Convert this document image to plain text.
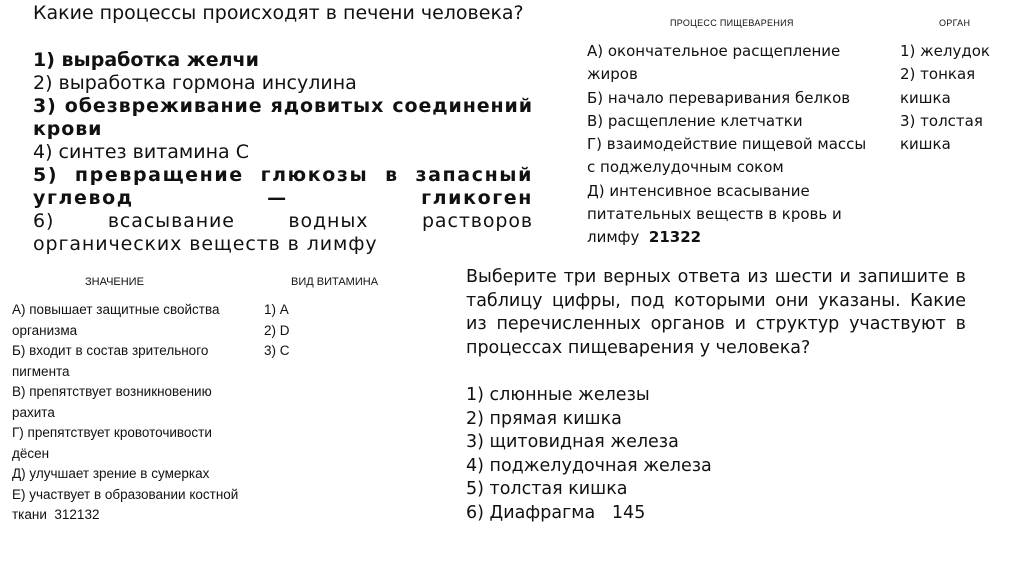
Какие процессы происходят в печени человека?
1) выработка желчи
2) выработка гормона инсулина
3) обезвреживание ядовитых соединений крови
4) синтез витамина С
5) превращение глюкозы в запасный углевод — гликоген
6) всасывание водных растворов органических веществ в лимфу
ПРОЦЕСС ПИЩЕВАРЕНИЯ	ОРГАН
А) окончательное расщепление жиров
Б) начало переваривания белков
В) расщепление клетчатки
Г) взаимодействие пищевой массы с поджелудочным соком
Д) интенсивное всасывание питательных веществ в кровь и лимфу 21322
1) желудок
2) тонкая кишка
3) толстая кишка
ЗНАЧЕНИЕ	ВИД ВИТАМИНА
А) повышает защитные свойства организма
Б) входит в состав зрительного пигмента
В) препятствует возникновению рахита
Г) препятствует кровоточивости дёсен
Д) улучшает зрение в сумерках
Е) участвует в образовании костной ткани 312132
1) А
2) D
3) С
Выберите три верных ответа из шести и запишите в таблицу цифры, под которыми они указаны. Какие из перечисленных органов и структур участвуют в процессах пищеварения у человека?
1) слюнные железы
2) прямая кишка
3) щитовидная железа
4) поджелудочная железа
5) толстая кишка
6) Диафрагма 145
